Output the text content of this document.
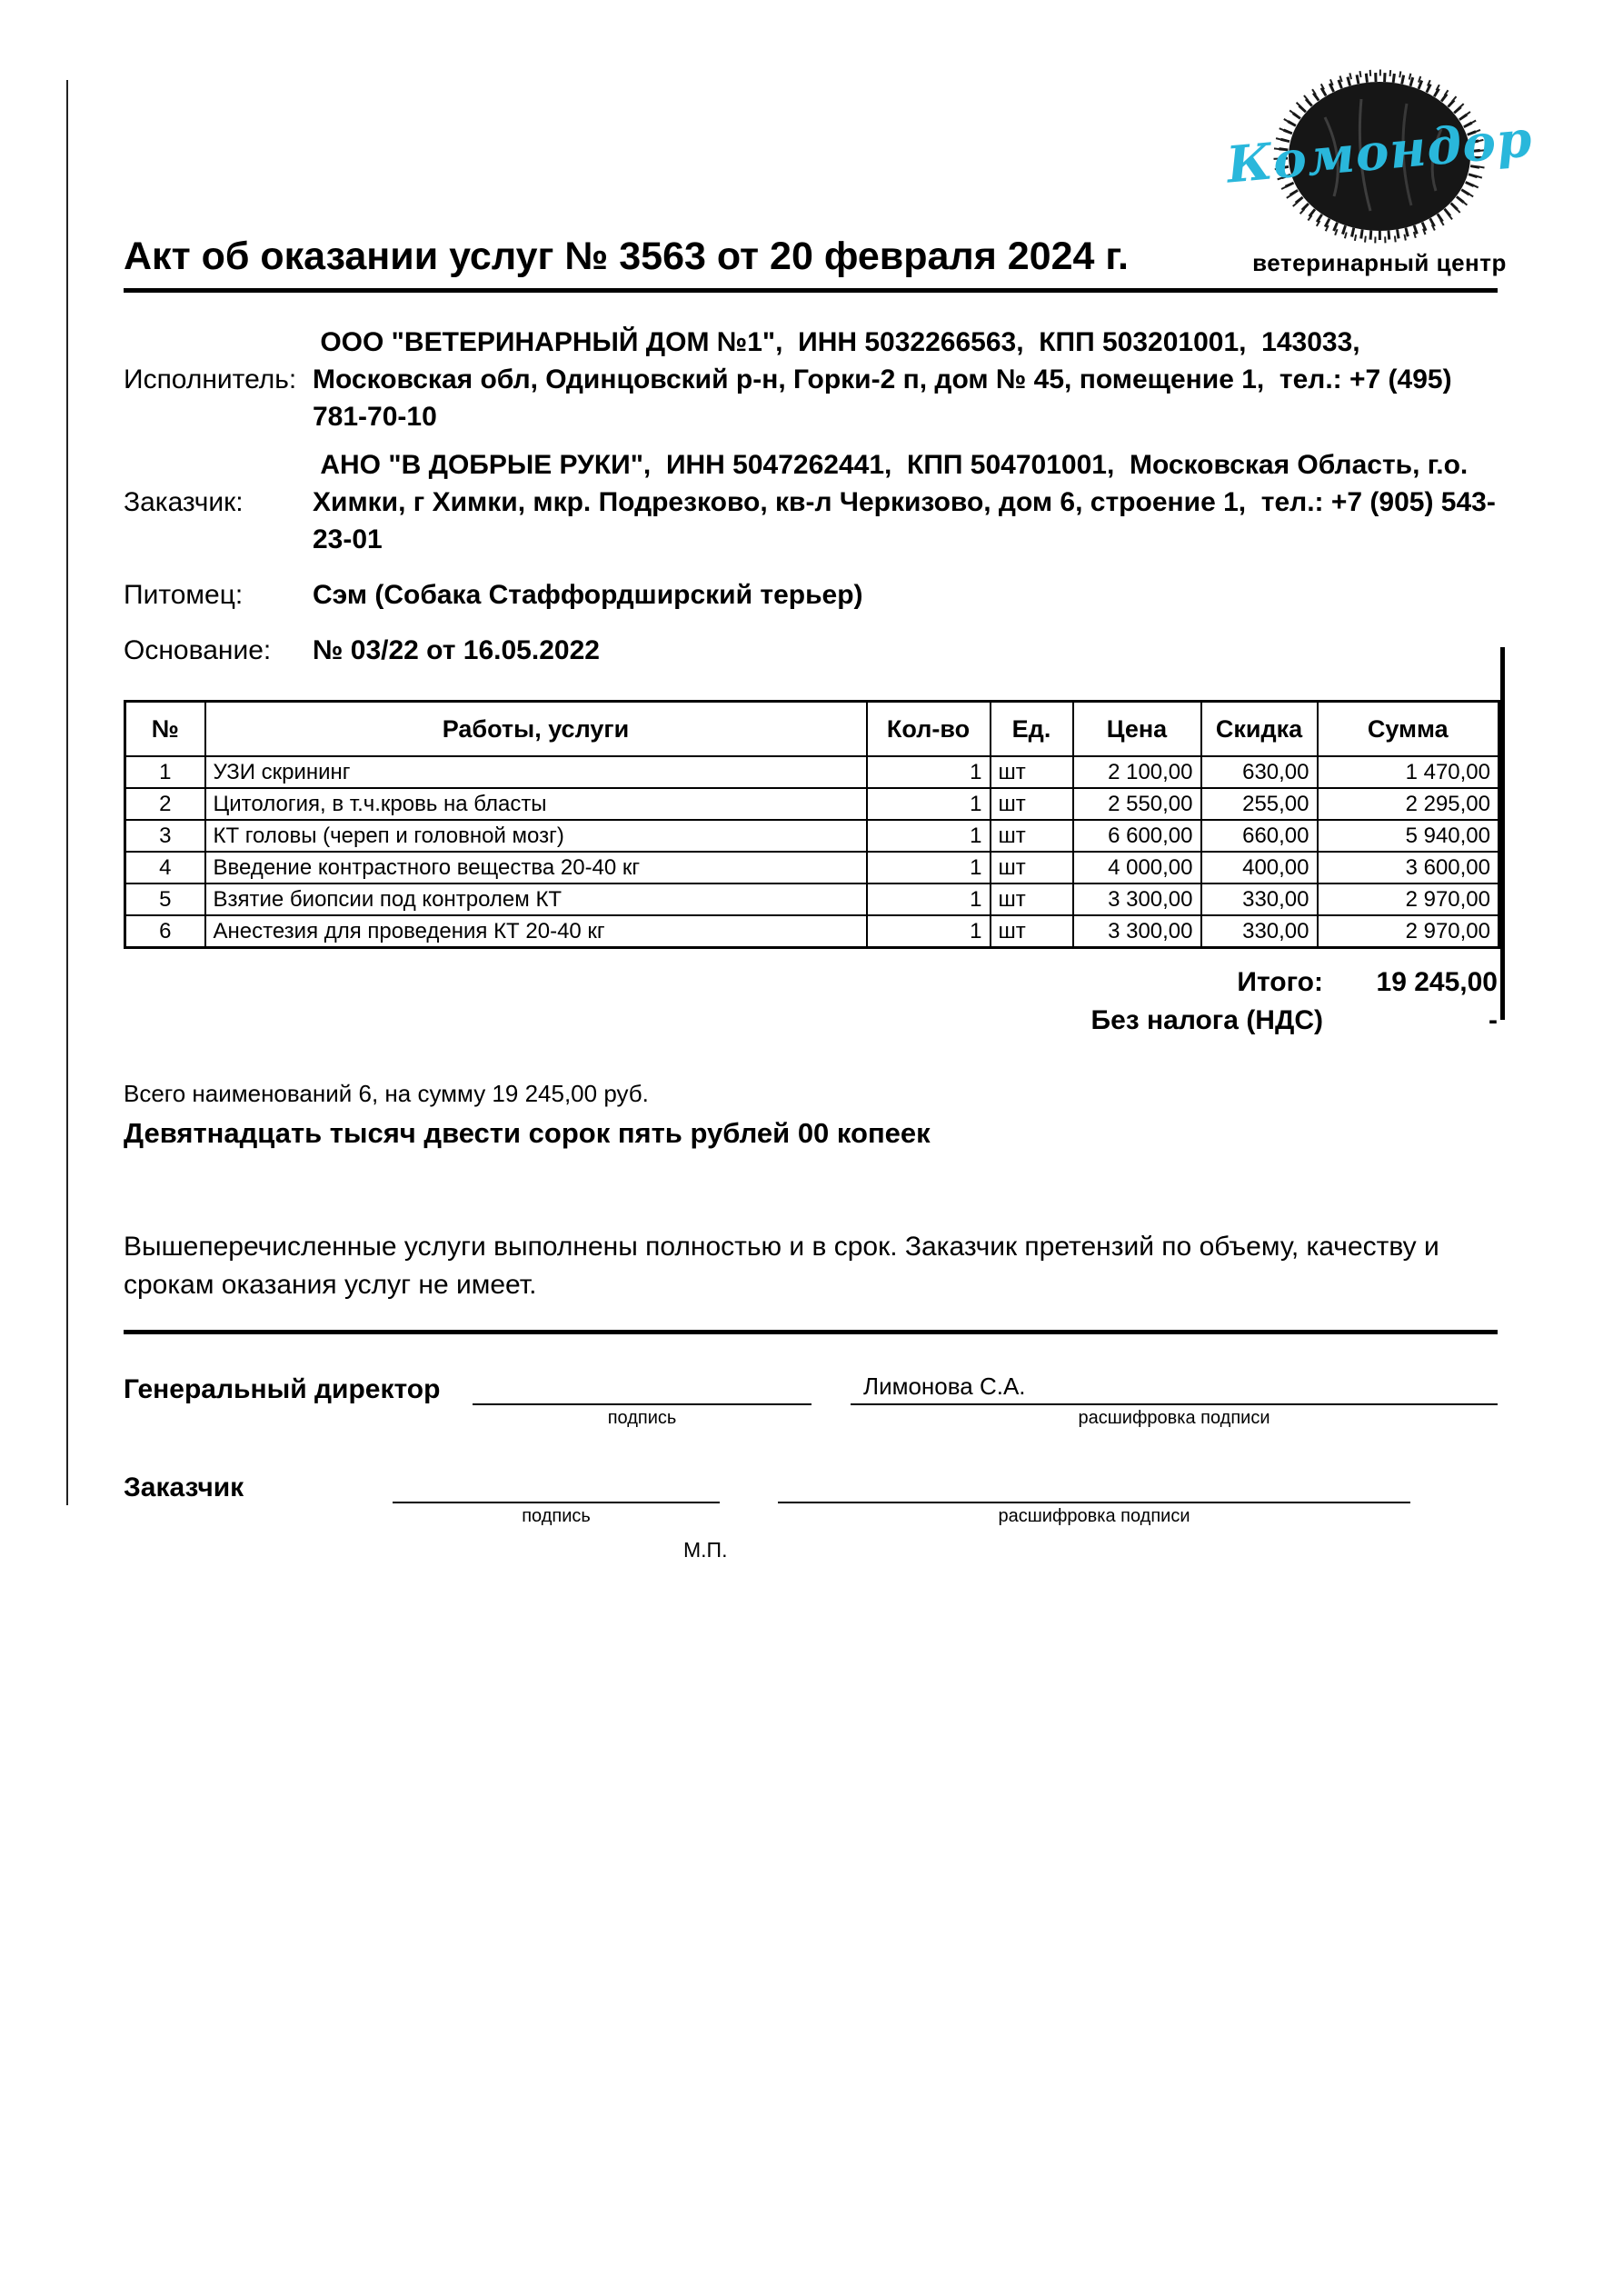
Комондор
ветеринарный центр
Акт об оказании услуг № 3563 от 20 февраля 2024 г.
Исполнитель:
ООО "ВЕТЕРИНАРНЫЙ ДОМ №1",  ИНН 5032266563,  КПП 503201001,  143033, Московская обл, Одинцовский р-н, Горки-2 п, дом № 45, помещение 1,  тел.: +7 (495) 781-70-10
Заказчик:
АНО "В ДОБРЫЕ РУКИ",  ИНН 5047262441,  КПП 504701001,  Московская Область, г.о. Химки, г Химки, мкр. Подрезково, кв-л Черкизово, дом 6, строение 1,  тел.: +7 (905) 543-23-01
Питомец:	Сэм (Собака Стаффордширский терьер)
Основание:	№ 03/22 от 16.05.2022
№	Работы, услуги	Кол-во	Ед.	Цена	Скидка	Сумма
1	УЗИ скрининг	1	шт	2 100,00	630,00	1 470,00
2	Цитология, в т.ч.кровь на бласты	1	шт	2 550,00	255,00	2 295,00
3	КТ головы (череп и головной мозг)	1	шт	6 600,00	660,00	5 940,00
4	Введение контрастного вещества 20-40 кг	1	шт	4 000,00	400,00	3 600,00
5	Взятие биопсии под контролем КТ	1	шт	3 300,00	330,00	2 970,00
6	Анестезия для проведения КТ 20-40 кг	1	шт	3 300,00	330,00	2 970,00
Итого:	19 245,00
Без налога (НДС)	-
Всего наименований 6, на сумму 19 245,00 руб.
Девятнадцать тысяч двести сорок пять рублей 00 копеек
Вышеперечисленные услуги выполнены полностью и в срок. Заказчик претензий по объему, качеству и срокам оказания услуг не имеет.
Генеральный директор	Лимонова С.А.
подпись	расшифровка подписи
Заказчик
подпись	расшифровка подписи
М.П.
